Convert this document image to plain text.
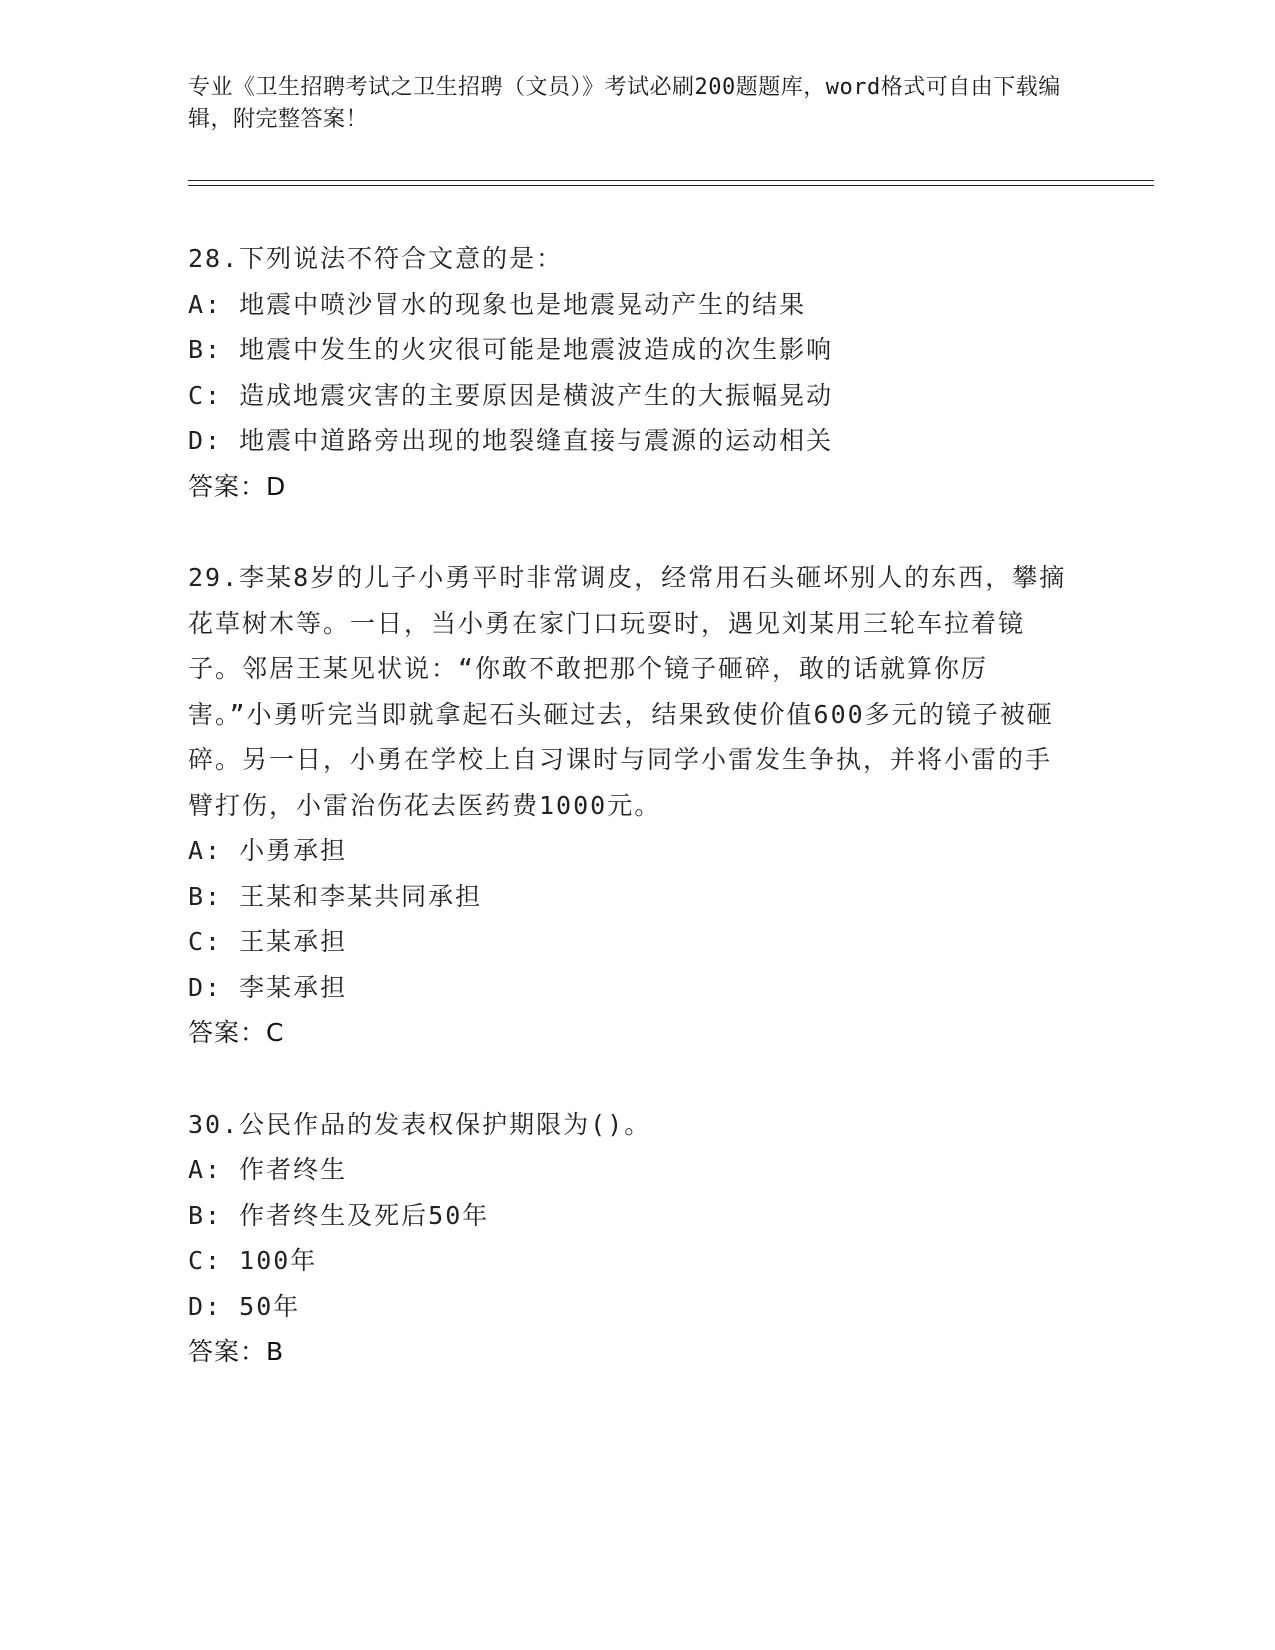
专业《卫生招聘考试之卫生招聘（文员）》考试必刷200题题库，word格式可自由下载编辑，附完整答案！
28.下列说法不符合文意的是：
A: 地震中喷沙冒水的现象也是地震晃动产生的结果
B: 地震中发生的火灾很可能是地震波造成的次生影响
C: 造成地震灾害的主要原因是横波产生的大振幅晃动
D: 地震中道路旁出现的地裂缝直接与震源的运动相关
答案：D
29.李某8岁的儿子小勇平时非常调皮，经常用石头砸坏别人的东西，攀摘花草树木等。一日，当小勇在家门口玩耍时，遇见刘某用三轮车拉着镜子。邻居王某见状说：“你敢不敢把那个镜子砸碎，敢的话就算你厉害。”小勇听完当即就拿起石头砸过去，结果致使价值600多元的镜子被砸碎。另一日，小勇在学校上自习课时与同学小雷发生争执，并将小雷的手臂打伤，小雷治伤花去医药费1000元。
A: 小勇承担
B: 王某和李某共同承担
C: 王某承担
D: 李某承担
答案：C
30.公民作品的发表权保护期限为()。
A: 作者终生
B: 作者终生及死后50年
C: 100年
D: 50年
答案：B
